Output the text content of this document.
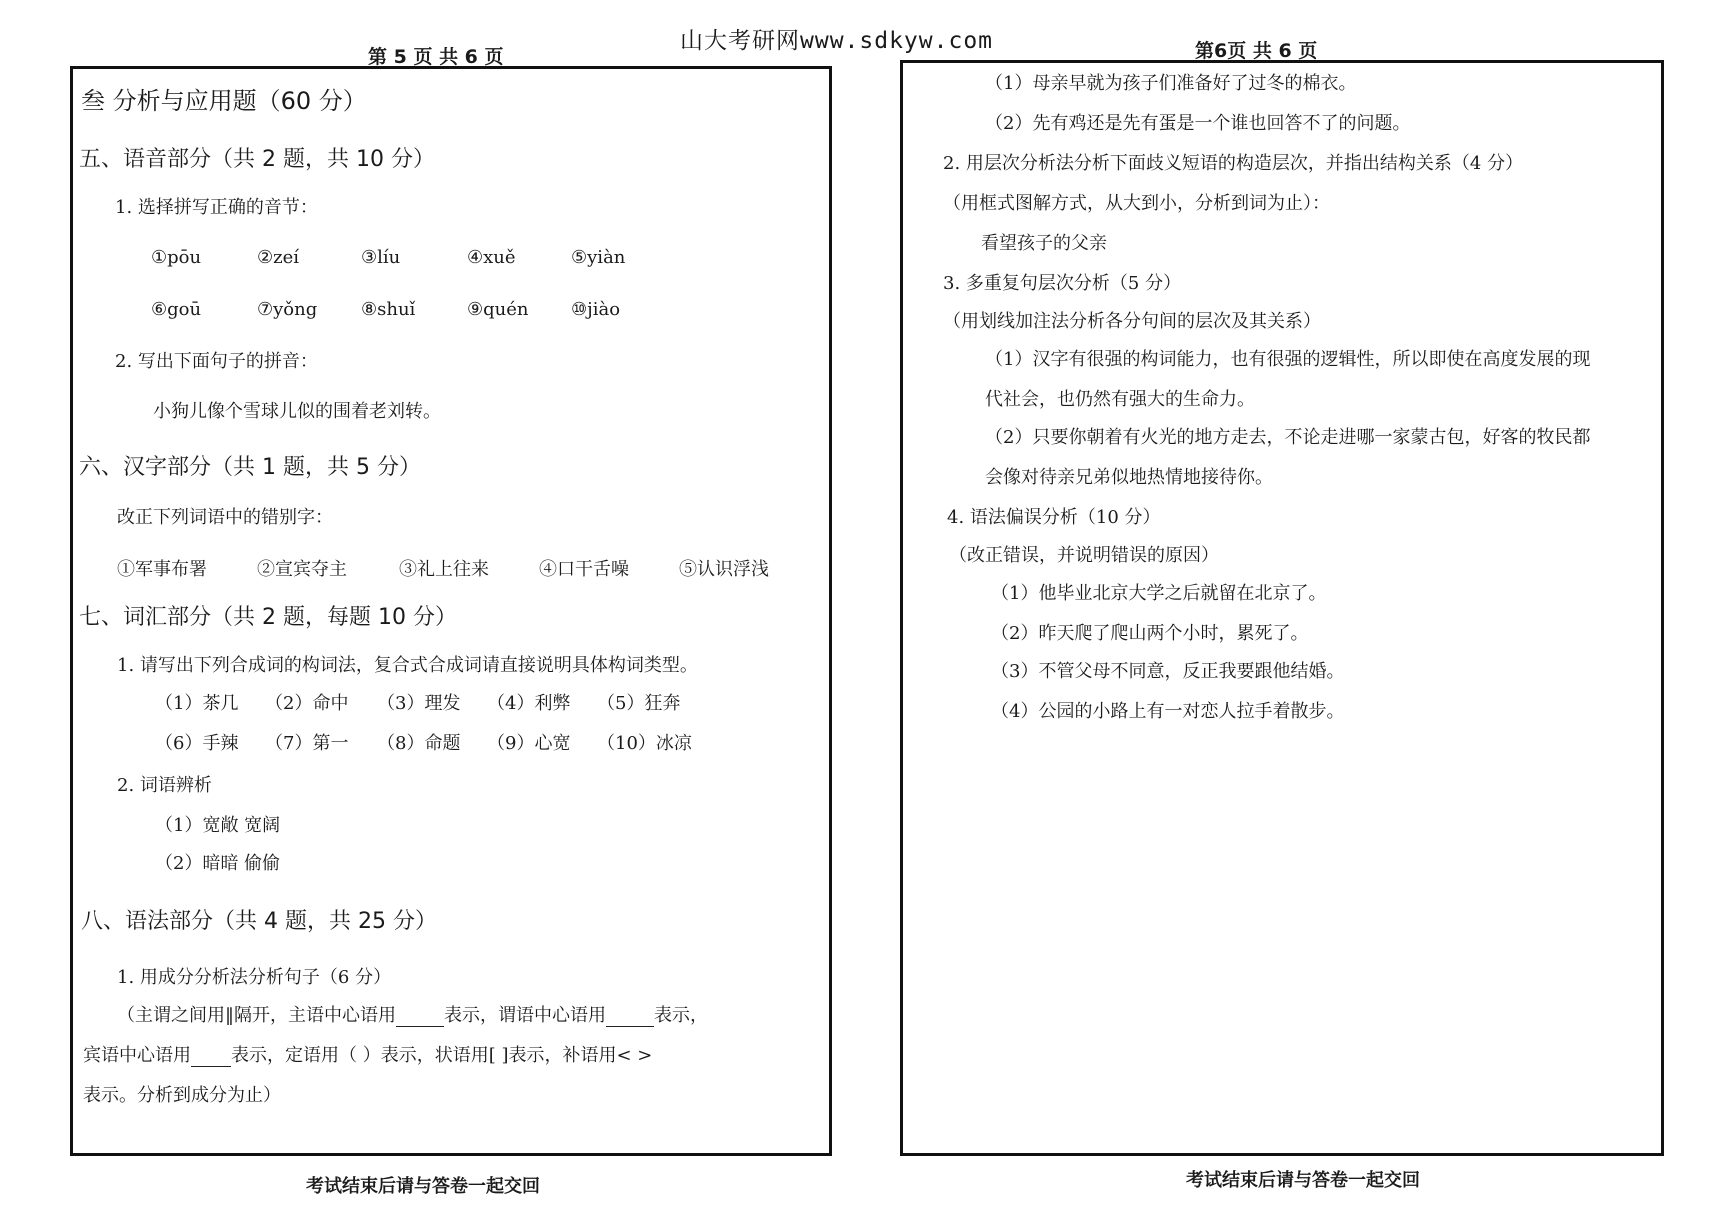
第 5 页 共 6 页
山大考研网www.sdkyw.com	第6页 共 6 页
叁 分析与应用题（60 分）
五、语音部分（共 2 题，共 10 分）
1. 选择拼写正确的音节：
①pōu	②zeí	③líu	④xuě	⑤yiàn
⑥goū	⑦yǒng	⑧shuǐ	⑨quén	⑩jiào
2. 写出下面句子的拼音：
小狗儿像个雪球儿似的围着老刘转。
六、汉字部分（共 1 题，共 5 分）
改正下列词语中的错别字：
①军事布署	②宣宾夺主	③礼上往来	④口干舌噪	⑤认识浮浅
七、词汇部分（共 2 题，每题 10 分）
1. 请写出下列合成词的构词法，复合式合成词请直接说明具体构词类型。
（1）茶几	（2）命中	（3）理发	（4）利弊	（5）狂奔
（6）手辣	（7）第一	（8）命题	（9）心宽	（10）冰凉
2. 词语辨析
（1）宽敞 宽阔
（2）暗暗 偷偷
八、语法部分（共 4 题，共 25 分）
1. 用成分分析法分析句子（6 分）
（主谓之间用‖隔开，主语中心语用	表示，谓语中心语用	表示，
宾语中心语用 表示，定语用（ ）表示，状语用[ ]表示，补语用< >
表示。分析到成分为止）
（1）母亲早就为孩子们准备好了过冬的棉衣。
（2）先有鸡还是先有蛋是一个谁也回答不了的问题。
2. 用层次分析法分析下面歧义短语的构造层次，并指出结构关系（4 分）
（用框式图解方式，从大到小，分析到词为止）：
看望孩子的父亲
3. 多重复句层次分析（5 分）
（用划线加注法分析各分句间的层次及其关系）
（1）汉字有很强的构词能力，也有很强的逻辑性，所以即使在高度发展的现
代社会，也仍然有强大的生命力。
（2）只要你朝着有火光的地方走去，不论走进哪一家蒙古包，好客的牧民都
会像对待亲兄弟似地热情地接待你。
4. 语法偏误分析（10 分）
（改正错误，并说明错误的原因）
（1）他毕业北京大学之后就留在北京了。
（2）昨天爬了爬山两个小时，累死了。
（3）不管父母不同意，反正我要跟他结婚。
（4）公园的小路上有一对恋人拉手着散步。
考试结束后请与答卷一起交回	考试结束后请与答卷一起交回
